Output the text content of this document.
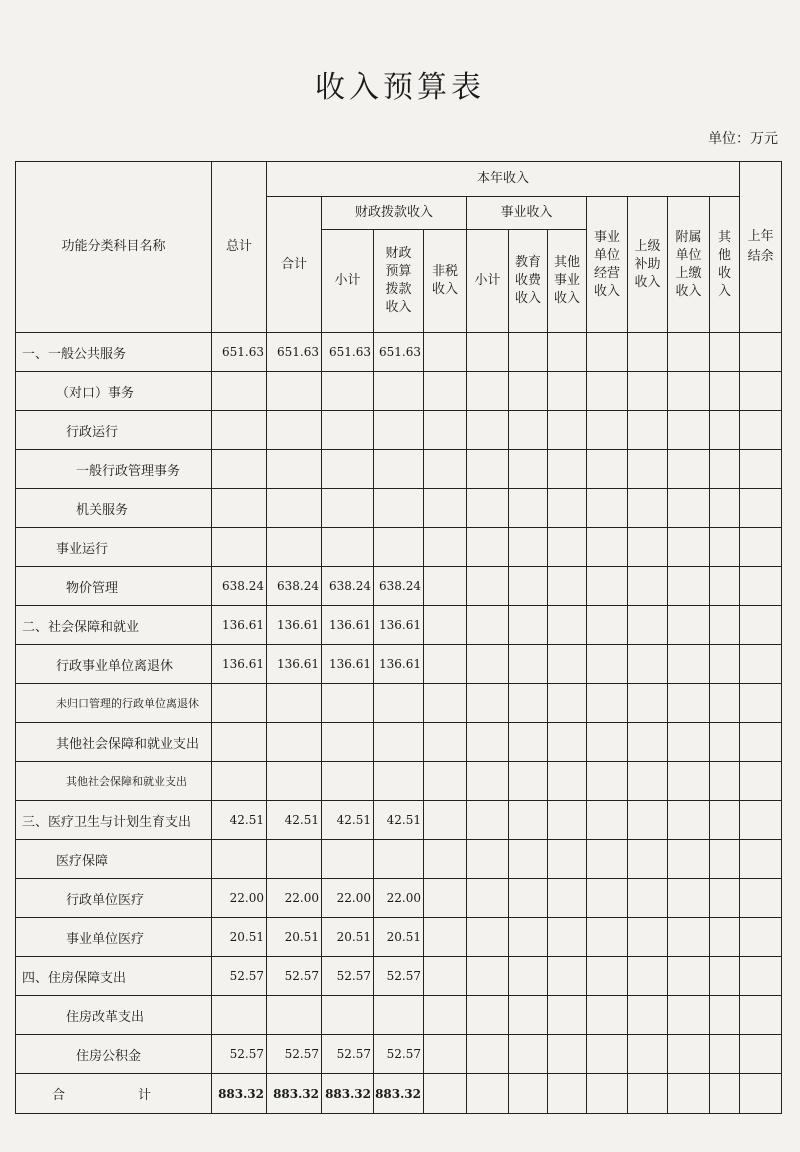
收入预算表
单位：万元
功能分类科目名称	总计	本年收入											上年结余
		合计	财政拨款收入			事业收入			事业单位经营收入	上级补助收入	附属单位上缴收入	其他收入	
			小计	财政预算拨款收入	非税收入	小计	教育收费收入	其他事业收入					
一、一般公共服务	651.63	651.63	651.63	651.63									
（对口）事务													
行政运行													
一般行政管理事务													
机关服务													
事业运行													
物价管理	638.24	638.24	638.24	638.24									
二、社会保障和就业	136.61	136.61	136.61	136.61									
行政事业单位离退休	136.61	136.61	136.61	136.61									
未归口管理的行政单位离退休													
其他社会保障和就业支出													
其他社会保障和就业支出													
三、医疗卫生与计划生育支出	42.51	42.51	42.51	42.51									
医疗保障													
行政单位医疗	22.00	22.00	22.00	22.00									
事业单位医疗	20.51	20.51	20.51	20.51									
四、住房保障支出	52.57	52.57	52.57	52.57									
住房改革支出													
住房公积金	52.57	52.57	52.57	52.57									
合　计	883.32	883.32	883.32	883.32									
